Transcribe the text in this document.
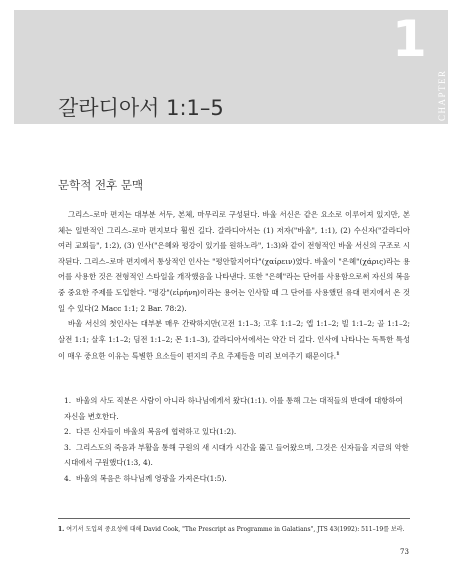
1
CHAPTER
갈라디아서 1:1–5
문학적 전후 문맥

그리스–로마 편지는 대부분 서두, 본체, 마무리로 구성된다. 바울 서신은 같은 요소로 이루어져 있지만, 본체는 일반적인 그리스–로마 편지보다 훨씬 길다. 갈라디아서는 (1) 저자("바울", 1:1), (2) 수신자("갈라디아 여러 교회들", 1:2), (3) 인사("은혜와 평강이 있기를 원하노라", 1:3)와 같이 전형적인 바울 서신의 구조로 시작된다. 그리스–로마 편지에서 통상적인 인사는 "평안할지어다"(χαίρειν)였다. 바울이 "은혜"(χάρις)라는 용어를 사용한 것은 전형적인 스타일을 개작했음을 나타낸다. 또한 "은혜"라는 단어를 사용함으로써 자신의 복음 중 중요한 주제를 도입한다. "평강"(εἰρήνη)이라는 용어는 인사할 때 그 단어를 사용했던 유대 편지에서 온 것일 수 있다(2 Macc 1:1; 2 Bar. 78:2).

바울 서신의 첫인사는 대부분 매우 간략하지만(고전 1:1–3; 고후 1:1–2; 엡 1:1–2; 빌 1:1–2; 골 1:1–2; 살전 1:1; 살후 1:1–2; 딤전 1:1–2; 몬 1:1–3), 갈라디아서에서는 약간 더 길다. 인사에 나타나는 독특한 특성이 매우 중요한 이유는 특별한 요소들이 편지의 주요 주제들을 미리 보여주기 때문이다.$^1$

1. 바울의 사도 직분은 사람이 아니라 하나님에게서 왔다(1:1). 이를 통해 그는 대적들의 반대에 대항하여 자신을 변호한다.
2. 다른 신자들이 바울의 복음에 협력하고 있다(1:2).
3. 그리스도의 죽음과 부활을 통해 구원의 새 시대가 시간을 뚫고 들어왔으며, 그것은 신자들을 지금의 악한 시대에서 구원했다(1:3, 4).
4. 바울의 복음은 하나님께 영광을 가져온다(1:5).
1. 여기서 도입의 중요성에 대해 David Cook, "The Prescript as Programme in Galatians", JTS 43(1992): 511–19를 보라.
73
